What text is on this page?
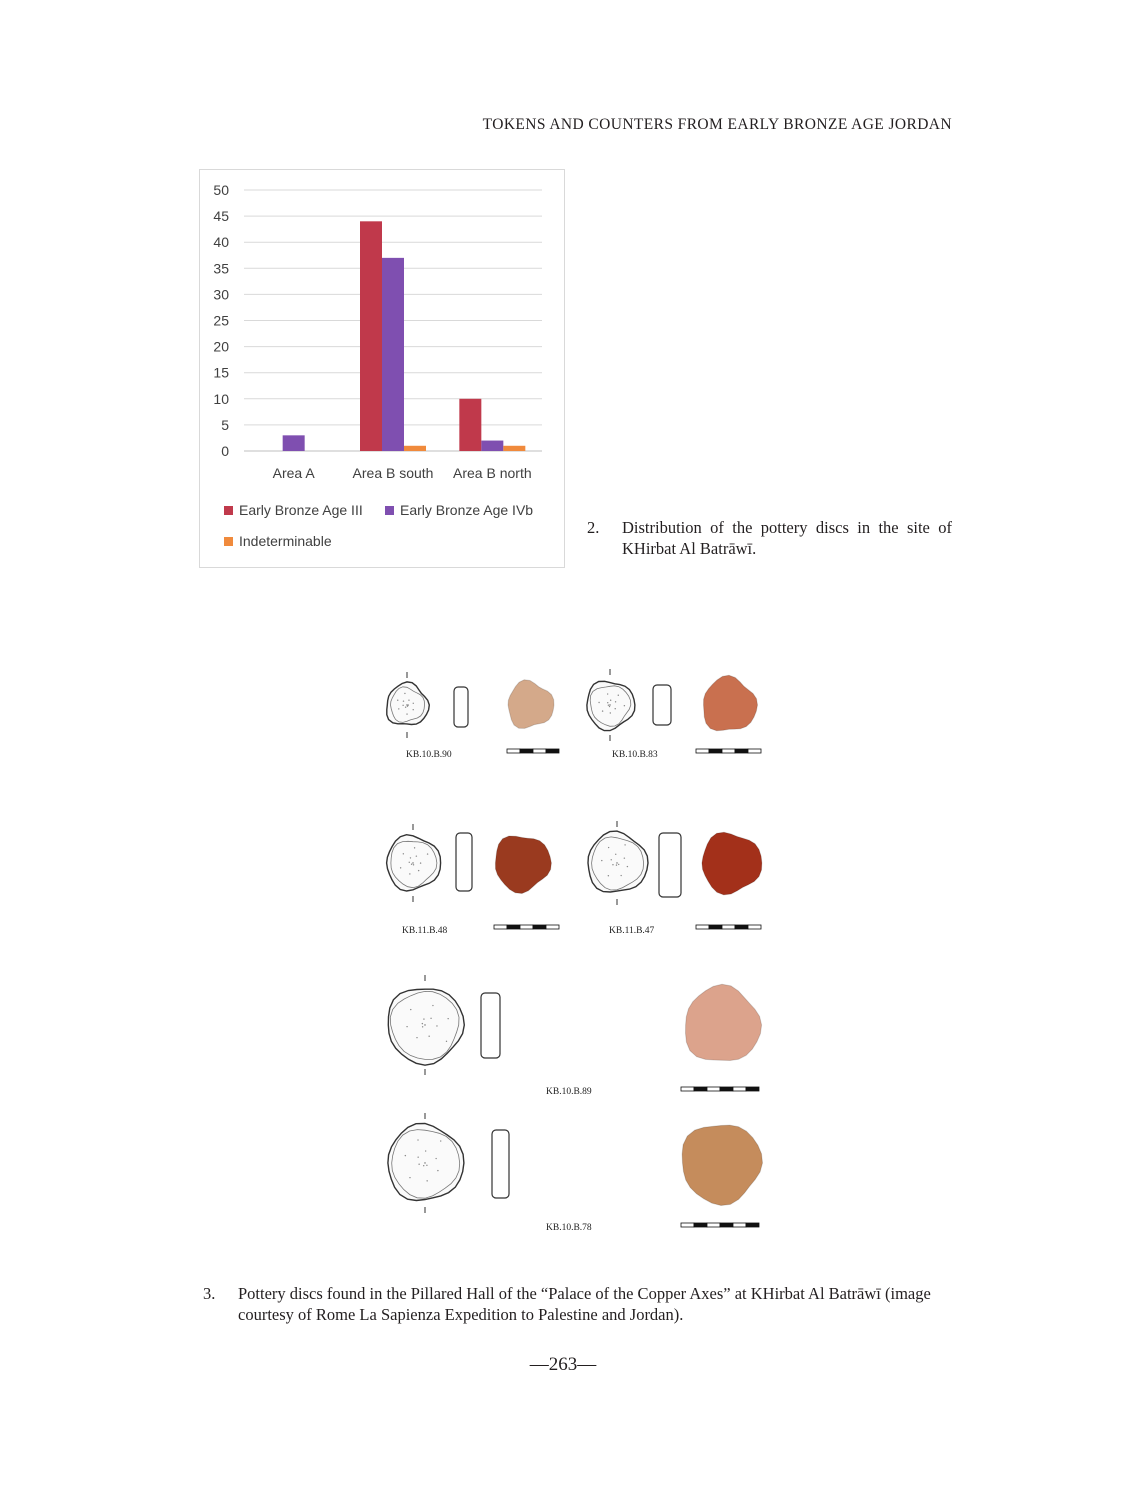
TOKENS AND COUNTERS FROM EARLY BRONZE AGE JORDAN
0
5
10
15
20
25
30
35
40
45
50
Area A	Area B south Area B north
Early Bronze Age III	Early Bronze Age IVb
Indeterminable
2. Distribution of the pottery discs in the site of KHirbat Al Batrāwī.
KB.10.B.90	KB.10.B.83
KB.11.B.48	KB.11.B.47
KB.10.B.89
KB.10.B.78
3. Pottery discs found in the Pillared Hall of the “Palace of the Copper Axes” at KHirbat Al Batrāwī (image courtesy of Rome La Sapienza Expedition to Palestine and Jordan).
—263—
